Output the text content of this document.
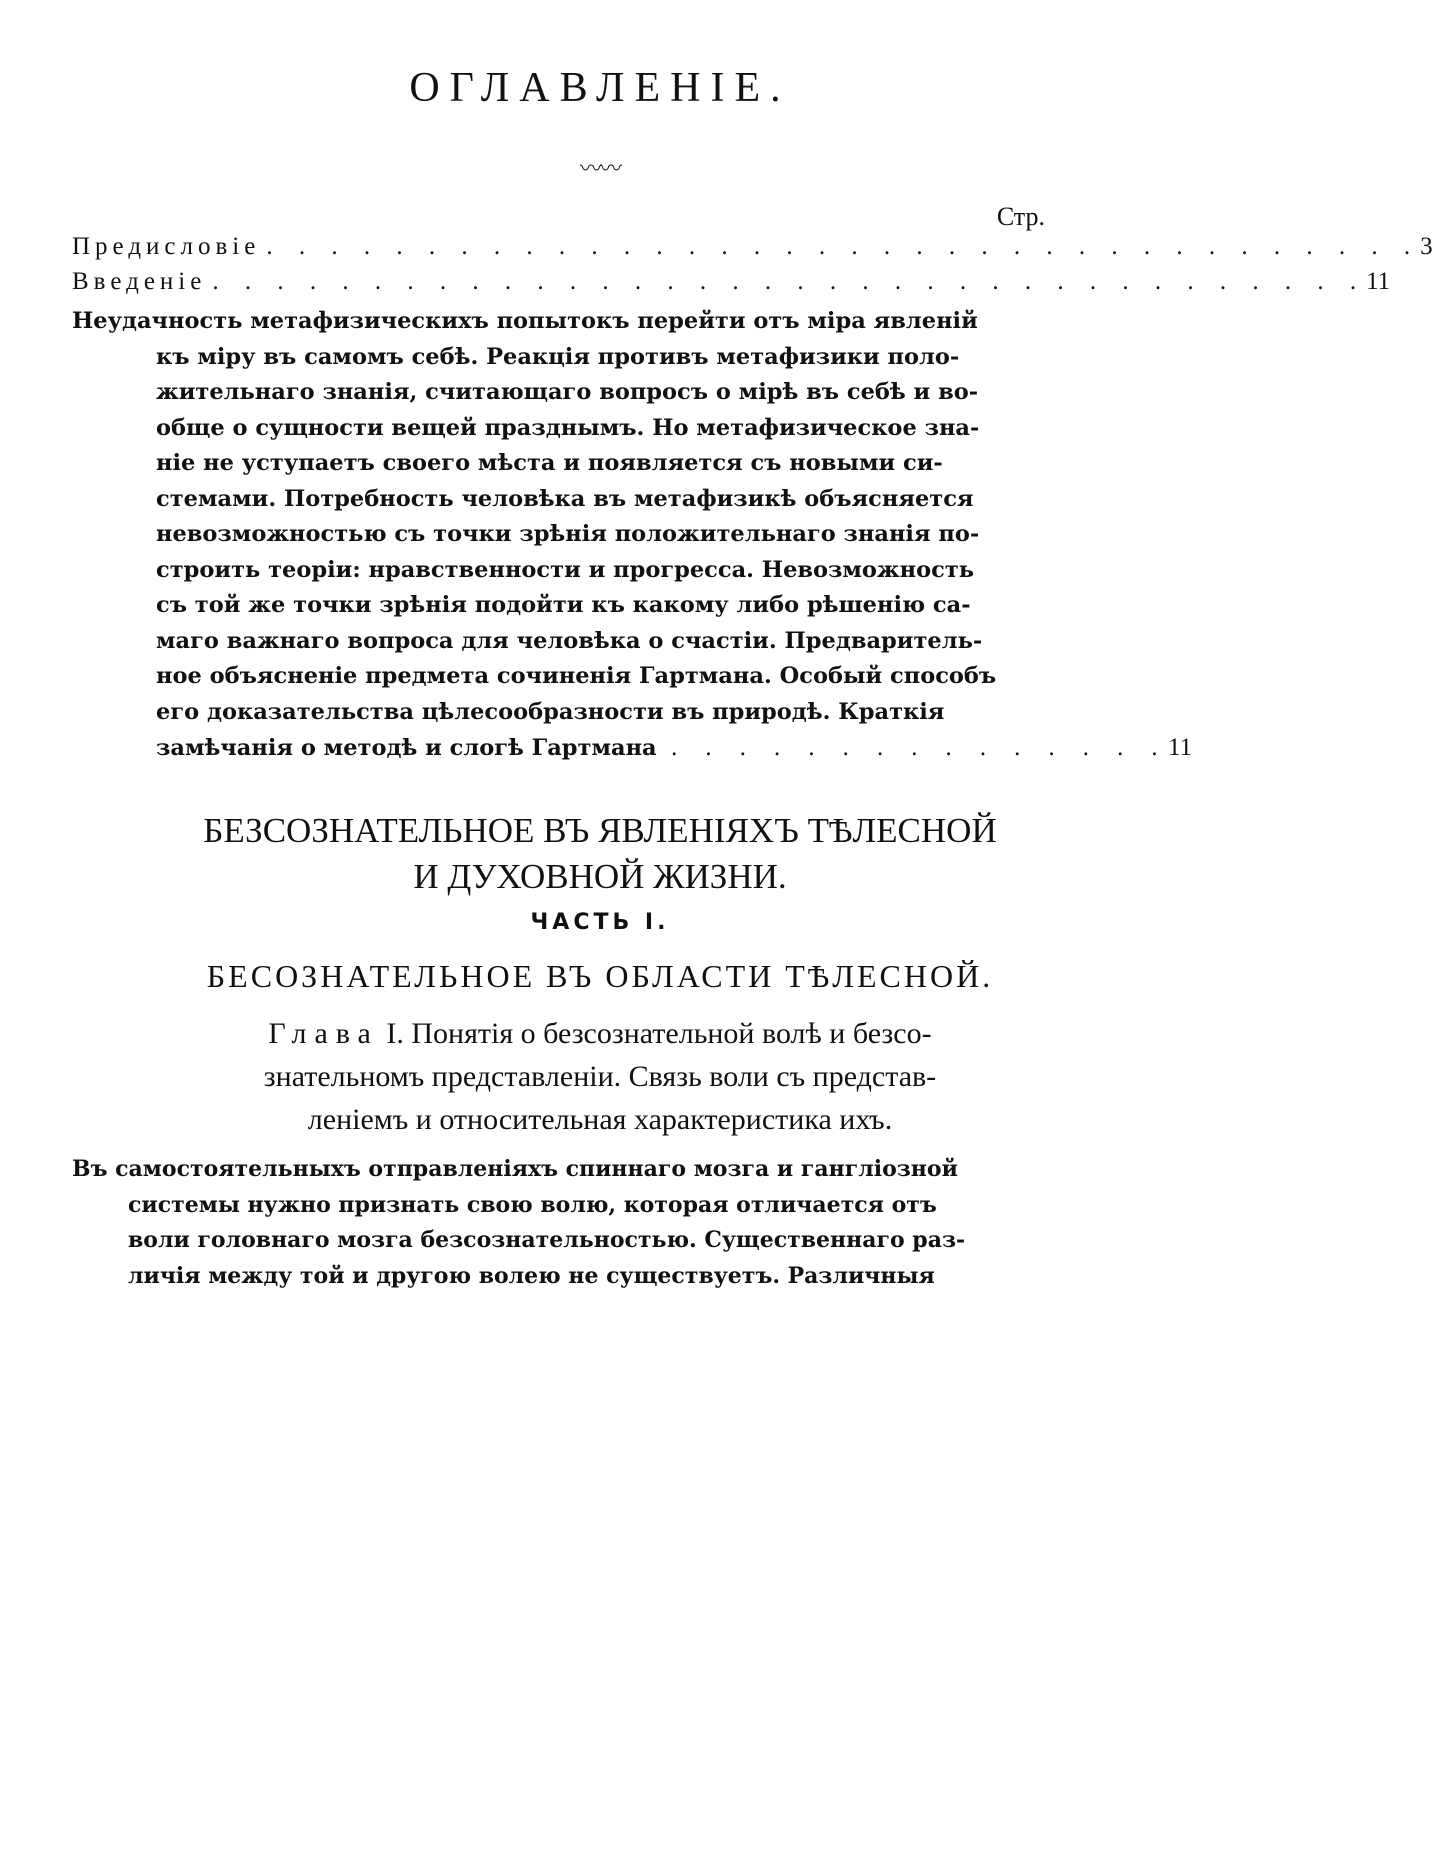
ОГЛАВЛЕНІЕ.
〰〰
Стр.
Предисловіе . . . . . . . . . . . . . . . . . . . . . . . . . . . . . . . . . . . . 3
Введеніе . . . . . . . . . . . . . . . . . . . . . . . . . . . . . . . . . . . . 11
Неудачность метафизическихъ попытокъ перейти отъ міра явленій
къ міру въ самомъ себѣ. Реакція противъ метафизики поло-
жительнаго знанія, считающаго вопросъ о мірѣ въ себѣ и во-
обще о сущности вещей празднымъ. Но метафизическое зна-
ніе не уступаетъ своего мѣста и появляется съ новыми си-
стемами. Потребность человѣка въ метафизикѣ объясняется
невозможностью съ точки зрѣнія положительнаго знанія по-
строить теоріи: нравственности и прогресса. Невозможность
съ той же точки зрѣнія подойти къ какому либо рѣшенію са-
маго важнаго вопроса для человѣка о счастіи. Предваритель-
ное объясненіе предмета сочиненія Гартмана. Особый способъ
его доказательства цѣлесообразности въ природѣ. Краткія
замѣчанія о методѣ и слогѣ Гартмана . . . . . . . . . . . . . . . 11
БЕЗСОЗНАТЕЛЬНОЕ ВЪ ЯВЛЕНІЯХЪ ТѢЛЕСНОЙ
И ДУХОВНОЙ ЖИЗНИ.
ЧАСТЬ I.
БЕСОЗНАТЕЛЬНОЕ ВЪ ОБЛАСТИ ТѢЛЕСНОЙ.
Глава I. Понятія о безсознательной волѣ и безсо-
знательномъ представленіи. Связь воли съ представ-
леніемъ и относительная характеристика ихъ.
Въ самостоятельныхъ отправленіяхъ спиннаго мозга и гангліозной
системы нужно признать свою волю, которая отличается отъ
воли головнаго мозга безсознательностью. Существеннаго раз-
личія между той и другою волею не существуетъ. Различныя
